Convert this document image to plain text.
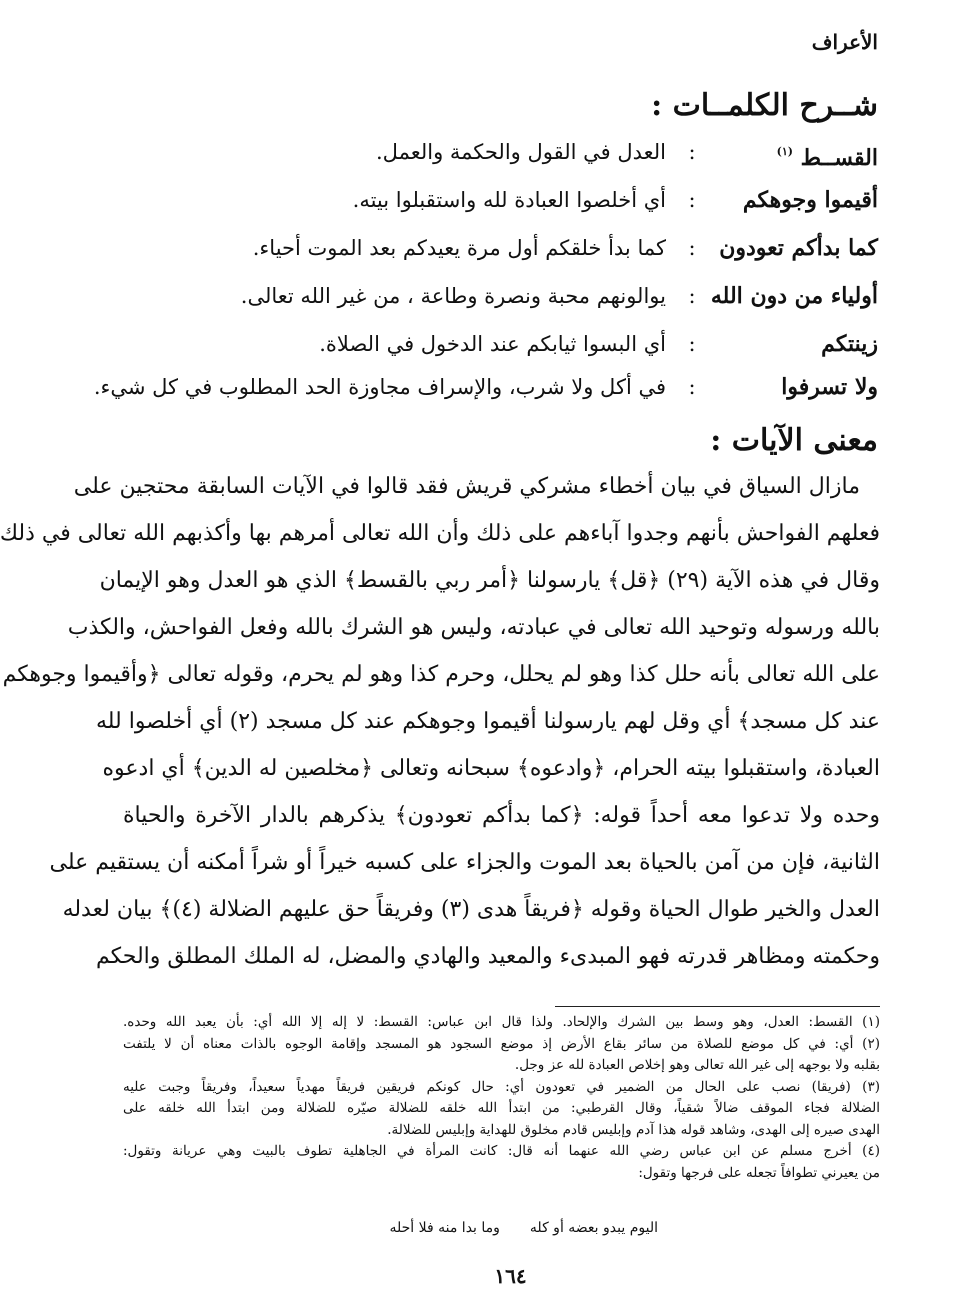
الأعراف
شــرح الكلمــات :
القســط $^{(١)}$
:
العدل في القول والحكمة والعمل.
أقيموا وجوهكم
:
أي أخلصوا العبادة لله واستقبلوا بيته.
كما بدأكم تعودون
:
كما بدأ خلقكم أول مرة يعيدكم بعد الموت أحياء.
أولياء من دون الله
:
يوالونهم محبة ونصرة وطاعة ، من غير الله تعالى.
زينتكم
:
أي البسوا ثيابكم عند الدخول في الصلاة.
ولا تسرفوا
:
في أكل ولا شرب، والإسراف مجاوزة الحد المطلوب في كل شيء.
معنى الآيات :
مازال السياق في بيان أخطاء مشركي قريش فقد قالوا في الآيات السابقة محتجين على
فعلهم الفواحش بأنهم وجدوا آباءهم على ذلك وأن الله تعالى أمرهم بها وأكذبهم الله تعالى في ذلك
وقال في هذه الآية (٢٩) ﴿قل﴾ يارسولنا ﴿أمر ربي بالقسط﴾ الذي هو العدل وهو الإيمان
بالله ورسوله وتوحيد الله تعالى في عبادته، وليس هو الشرك بالله وفعل الفواحش، والكذب
على الله تعالى بأنه حلل كذا وهو لم يحلل، وحرم كذا وهو لم يحرم، وقوله تعالى ﴿وأقيموا وجوهكم
عند كل مسجد﴾ أي وقل لهم يارسولنا أقيموا وجوهكم عند كل مسجد (٢) أي أخلصوا لله
العبادة، واستقبلوا بيته الحرام، ﴿وادعوه﴾ سبحانه وتعالى ﴿مخلصين له الدين﴾ أي ادعوه
وحده ولا تدعوا معه أحداً قوله: ﴿كما بدأكم تعودون﴾ يذكرهم بالدار الآخرة والحياة
الثانية، فإن من آمن بالحياة بعد الموت والجزاء على كسبه خيراً أو شراً أمكنه أن يستقيم على
العدل والخير طوال الحياة وقوله ﴿فريقاً هدى (٣) وفريقاً حق عليهم الضلالة (٤)﴾ بيان لعدله
وحكمته ومظاهر قدرته فهو المبدىء والمعيد والهادي والمضل، له الملك المطلق والحكم
(١) القسط: العدل، وهو وسط بين الشرك والإلحاد. ولذا قال ابن عباس: القسط: لا إله إلا الله أي: بأن يعبد الله وحده.
(٢) أي: في كل موضع للصلاة من سائر بقاع الأرض إذ موضع السجود هو المسجد وإقامة الوجوه بالذات معناه أن لا يلتفت
بقلبه ولا بوجهه إلى غير الله تعالى وهو إخلاص العبادة لله عز وجل.
(٣) (فريقا) نصب على الحال من الضمير في تعودون أي: حال كونكم فريقين فريقاً مهدياً سعيداً، وفريقاً وجبت عليه
الضلالة فجاء الموقف ضالاً شقياً، وقال القرطبي: من ابتدأ الله خلقه للضلالة صيّره للضلالة ومن ابتدأ الله خلقه على
الهدى صيره إلى الهدى، وشاهد قوله هذا آدم وإبليس قادم مخلوق للهداية وإبليس للضلالة.
(٤) أخرج مسلم عن ابن عباس رضي الله عنهما أنه قال: كانت المرأة في الجاهلية تطوف بالبيت وهي عريانة وتقول:
من يعيرني تطوافاً تجعله على فرجها وتقول:
اليوم يبدو بعضه أو كلهوما بدا منه فلا أحله
١٦٤
